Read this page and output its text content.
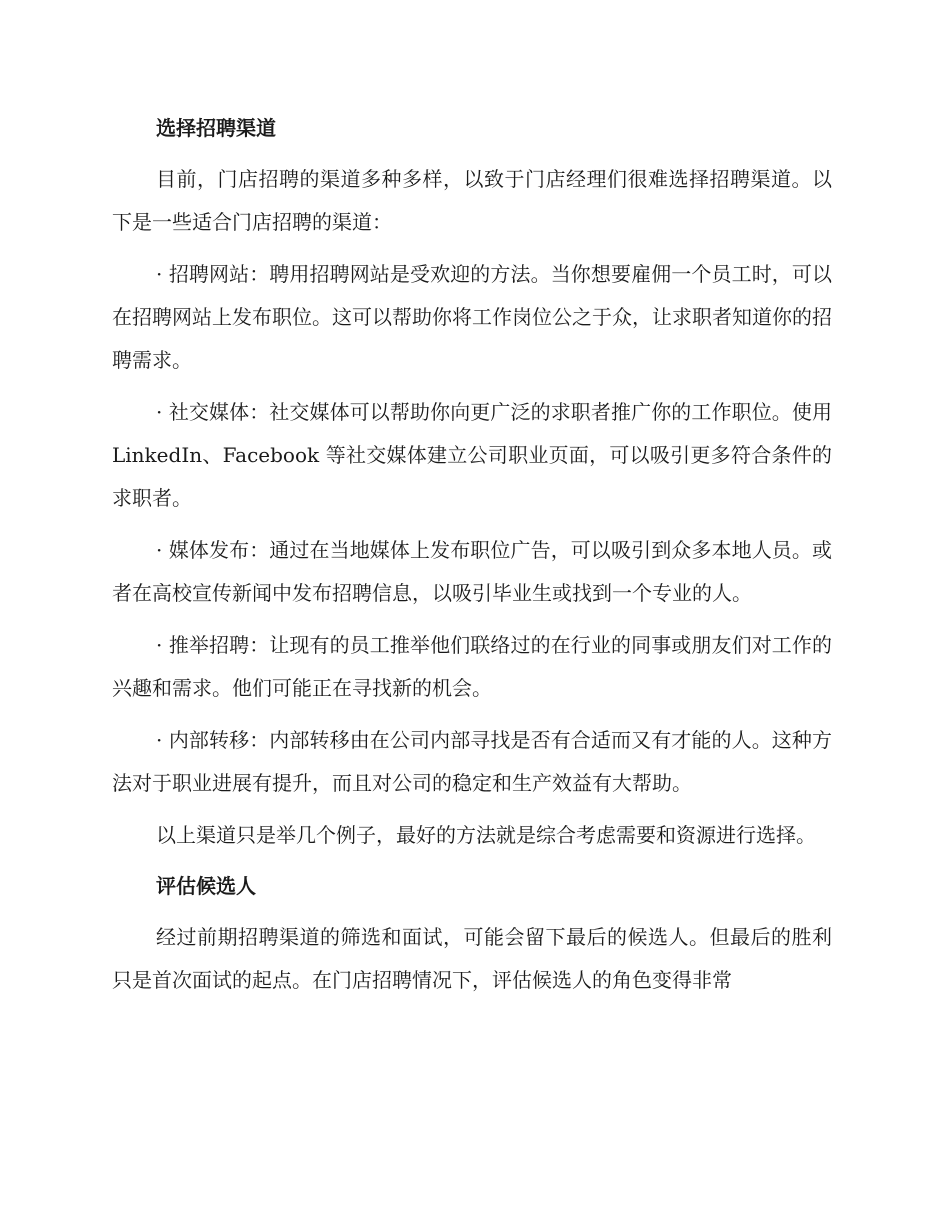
选择招聘渠道

目前，门店招聘的渠道多种多样，以致于门店经理们很难选择招聘渠道。以下是一些适合门店招聘的渠道：

· 招聘网站：聘用招聘网站是受欢迎的方法。当你想要雇佣一个员工时，可以在招聘网站上发布职位。这可以帮助你将工作岗位公之于众，让求职者知道你的招聘需求。

· 社交媒体：社交媒体可以帮助你向更广泛的求职者推广你的工作职位。使用 LinkedIn、Facebook 等社交媒体建立公司职业页面，可以吸引更多符合条件的求职者。

· 媒体发布：通过在当地媒体上发布职位广告，可以吸引到众多本地人员。或者在高校宣传新闻中发布招聘信息，以吸引毕业生或找到一个专业的人。

· 推举招聘：让现有的员工推举他们联络过的在行业的同事或朋友们对工作的兴趣和需求。他们可能正在寻找新的机会。

· 内部转移：内部转移由在公司内部寻找是否有合适而又有才能的人。这种方法对于职业进展有提升，而且对公司的稳定和生产效益有大帮助。

以上渠道只是举几个例子，最好的方法就是综合考虑需要和资源进行选择。

评估候选人

经过前期招聘渠道的筛选和面试，可能会留下最后的候选人。但最后的胜利只是首次面试的起点。在门店招聘情况下，评估候选人的角色变得非常
